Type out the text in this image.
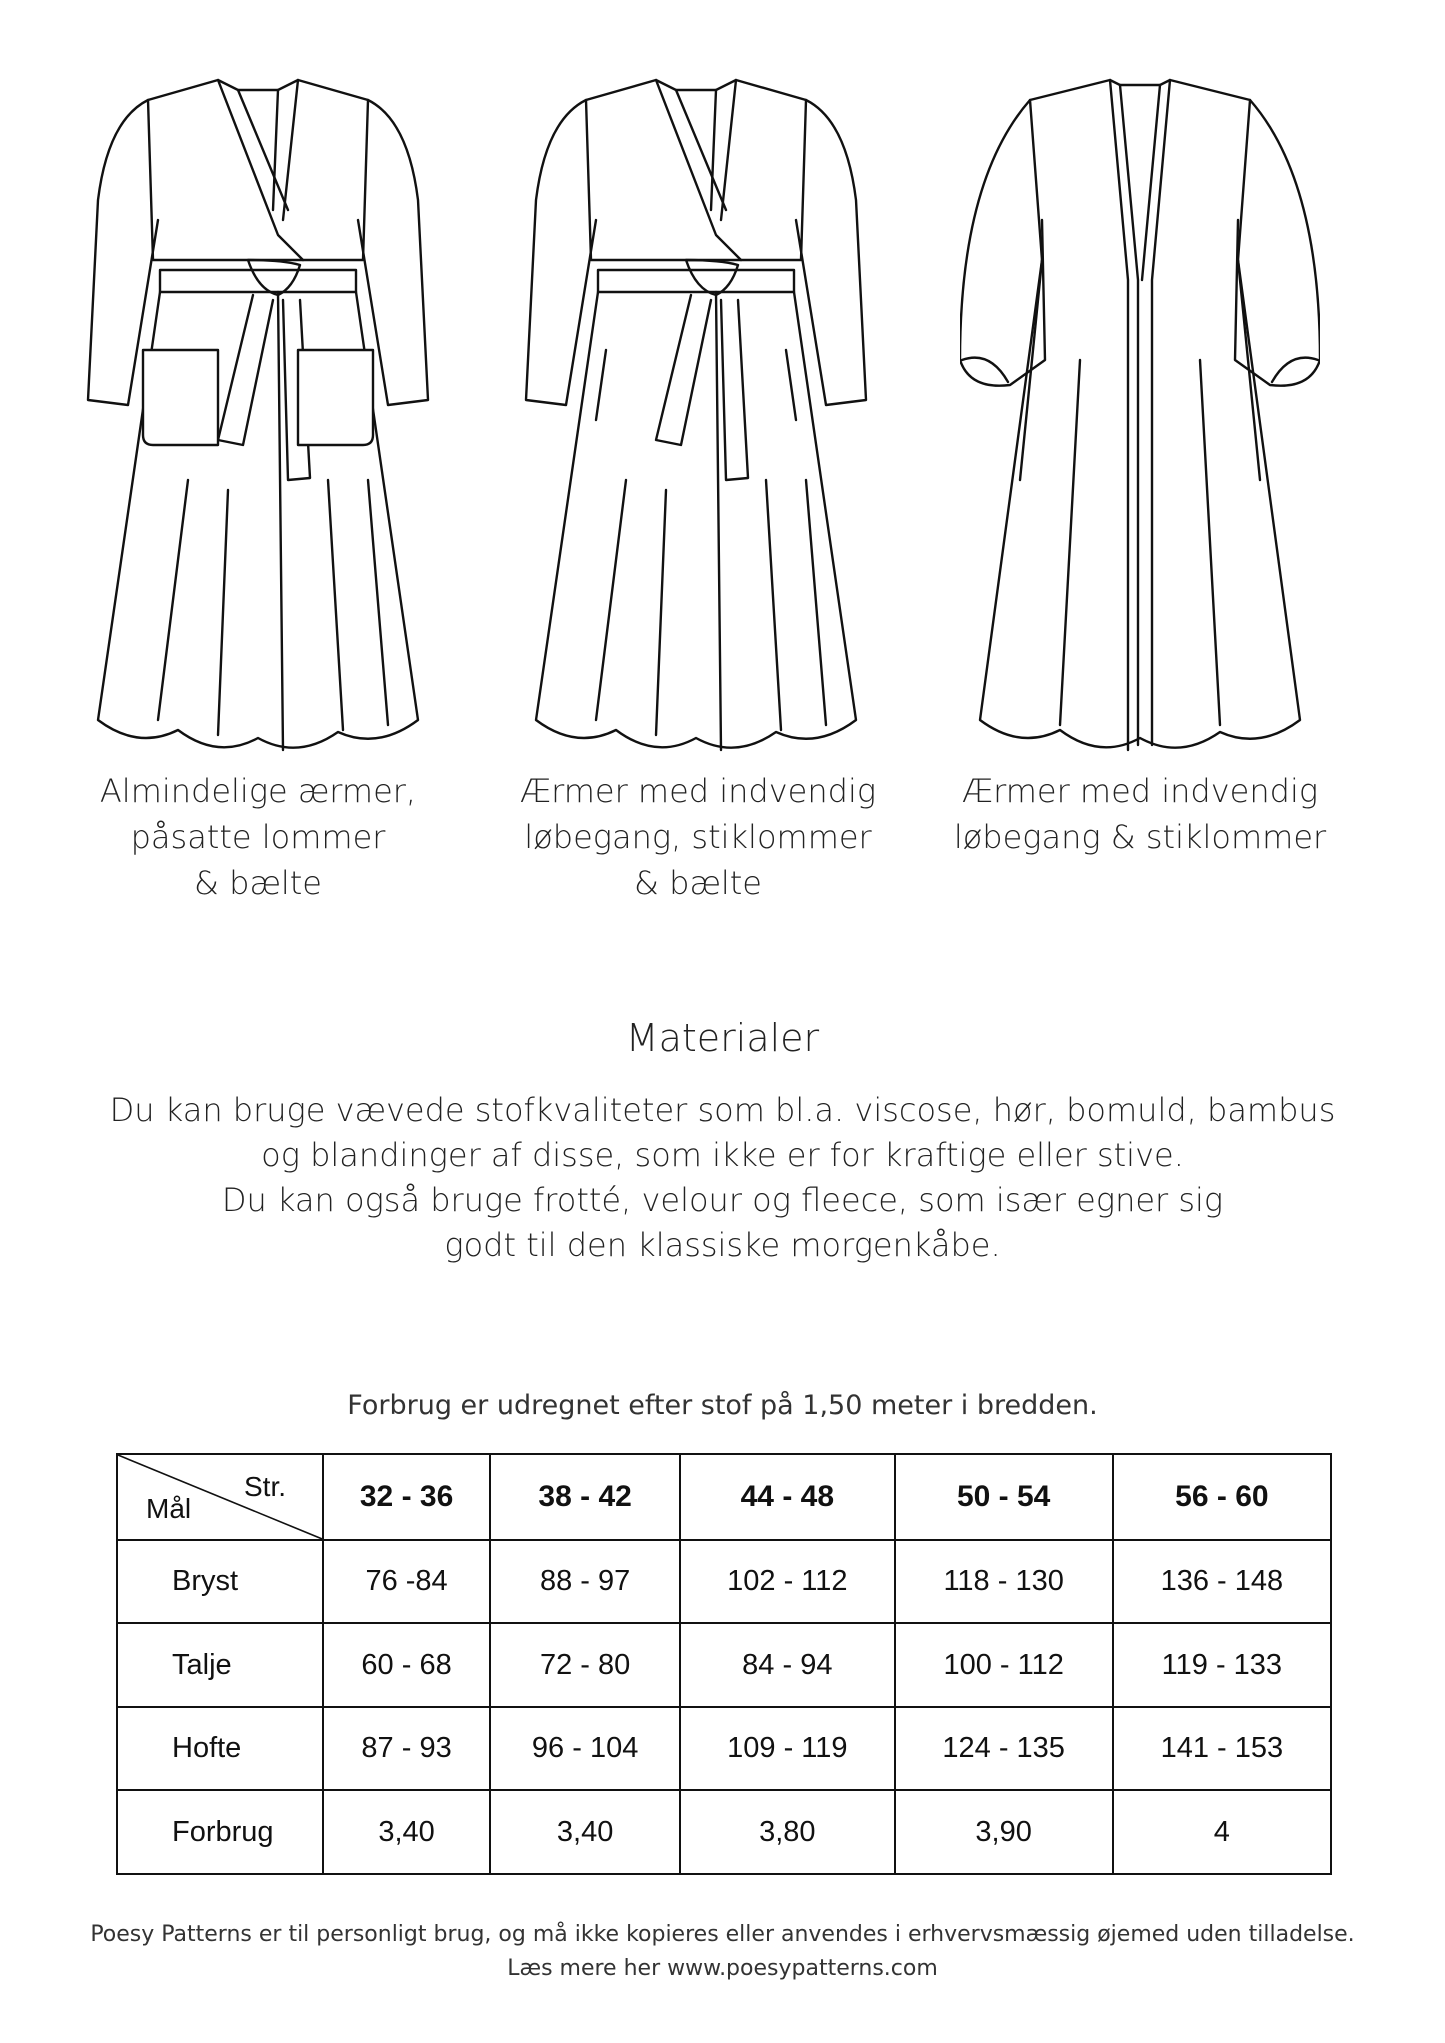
Almindelige ærmer,
påsatte lommer
& bælte
Ærmer med indvendig
løbegang, stiklommer
& bælte
Ærmer med indvendig
løbegang & stiklommer
Materialer
Du kan bruge vævede stofkvaliteter som bl.a. viscose, hør, bomuld, bambus
og blandinger af disse, som ikke er for kraftige eller stive.
Du kan også bruge frotté, velour og fleece, som især egner sig
godt til den klassiske morgenkåbe.
Forbrug er udregnet efter stof på 1,50 meter i bredden.
Str.
Mål	32 - 36	38 - 42	44 - 48	50 - 54	56 - 60
Bryst	76 -84	88 - 97	102 - 112	118 - 130	136 - 148
Talje	60 - 68	72 - 80	84 - 94	100 - 112	119 - 133
Hofte	87 - 93	96 - 104	109 - 119	124 - 135	141 - 153
Forbrug	3,40	3,40	3,80	3,90	4
Poesy Patterns er til personligt brug, og må ikke kopieres eller anvendes i erhvervsmæssig øjemed uden tilladelse.
Læs mere her www.poesypatterns.com
